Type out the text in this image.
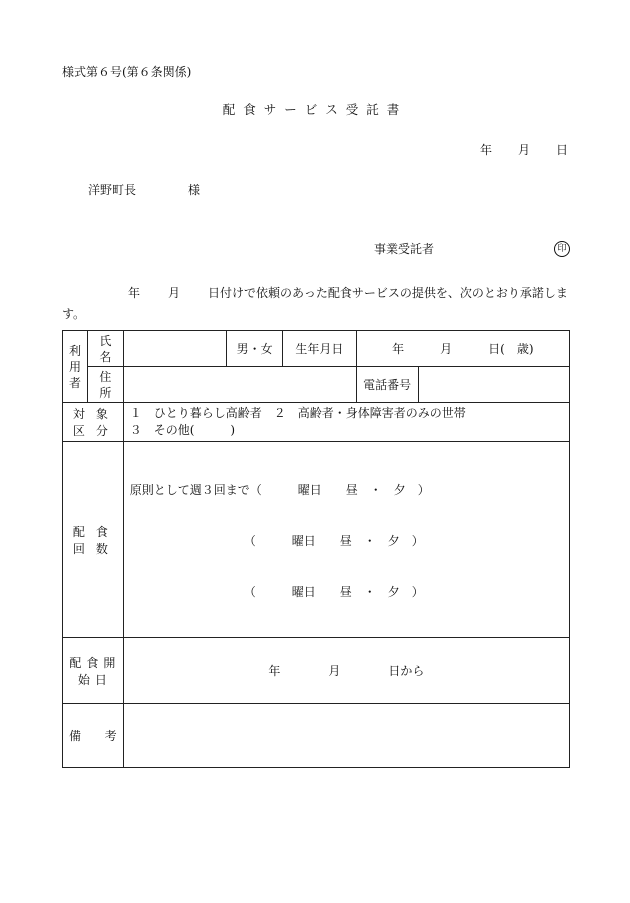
様式第６号(第６条関係)
配食サービス受託書
年 月 日
洋野町長	様
事業受託者	印
年 月 日付けで依頼のあった配食サービスの提供を、次のとおり承諾します。
利用者	氏名		男・女	生年月日	年　　　月　　　日(　歳)	
	住所				電話番号	
対象区分		１　ひとり暮らし高齢者　２　高齢者・身体障害者のみの世帯
３　その他(　　　)				

配食回数		原則として週３回まで（　　　曜日　　昼　・　夕　）

　　　　　　　　　　（　　　曜日　　昼　・　夕　）

　　　　　　　　　　（　　　曜日　　昼　・　夕　）				

配食開始日		年　　　　月　　　　日から				

備 考						
